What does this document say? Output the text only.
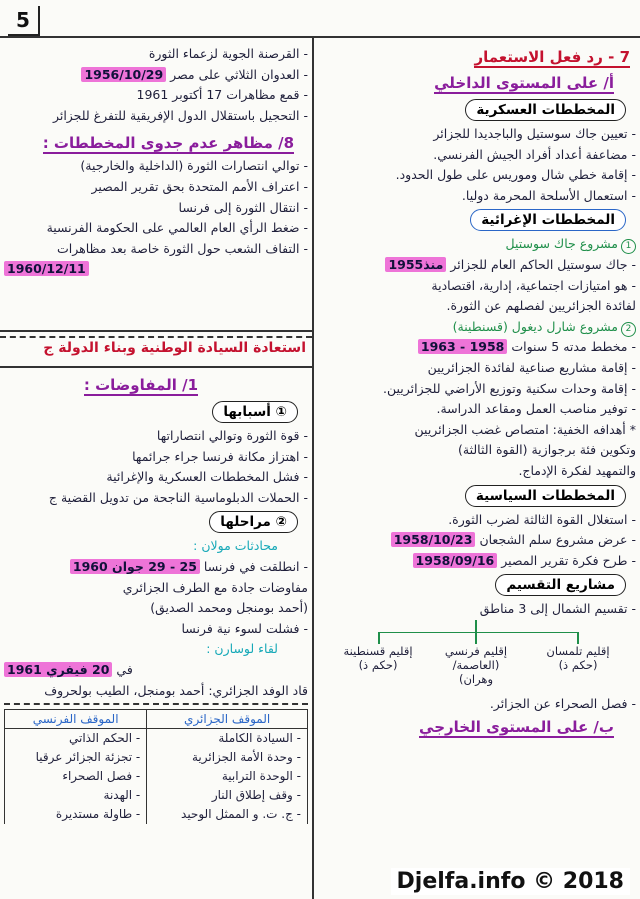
5
7 - رد فعل الاستعمار
أ/ على المستوى الداخلي
المخططات العسكرية
- تعيين جاك سوستيل والباجديدا للجزائر
- مضاعفة أعداد أفراد الجيش الفرنسي.
- إقامة خطي شال وموريس على طول الحدود.
- استعمال الأسلحة المحرمة دوليا.
المخططات الإغرائية
1مشروع جاك سوستيل
- جاك سوستيل الحاكم العام للجزائر منذ1955
- هو امتيازات اجتماعية، إدارية، اقتصادية
لفائدة الجزائريين لفصلهم عن الثورة.
2مشروع شارل ديغول (قسنطينة)
- مخطط مدته 5 سنوات 1958 - 1963
- إقامة مشاريع صناعية لفائدة الجزائريين
- إقامة وحدات سكنية وتوزيع الأراضي للجزائريين.
- توفير مناصب العمل ومقاعد الدراسة.
* أهدافه الخفية: امتصاص غضب الجزائريين
وتكوين فئة برجوازية (القوة الثالثة)
والتمهيد لفكرة الإدماج.
المخططات السياسية
- استغلال القوة الثالثة لضرب الثورة.
- عرض مشروع سلم الشجعان 1958/10/23
- طرح فكرة تقرير المصير 1958/09/16
مشاريع التقسيم
- تقسيم الشمال إلى 3 مناطق
إقليم تلمسان
(حكم ذ)
إقليم فرنسي
(العاصمة/وهران)
إقليم قسنطينة
(حكم ذ)
- فصل الصحراء عن الجزائر.
ب/ على المستوى الخارجي
- القرصنة الجوية لزعماء الثورة
- العدوان الثلاثي على مصر 1956/10/29
- قمع مظاهرات 17 أكتوبر 1961
- التحجيل باستقلال الدول الإفريقية للتفرغ للجزائر
8/ مظاهر عدم جدوى المخططات :
- توالي انتصارات الثورة (الداخلية والخارجية)
- اعتراف الأمم المتحدة بحق تقرير المصير
- انتقال الثورة إلى فرنسا
- ضغط الرأي العام العالمي على الحكومة الفرنسية
- التفاف الشعب حول الثورة خاصة بعد مظاهرات
1960/12/11
استعادة السيادة الوطنية وبناء الدولة ج
1/ المفاوضات :
① أسبابها
- قوة الثورة وتوالي انتصاراتها
- اهتزاز مكانة فرنسا جراء جرائمها
- فشل المخططات العسكرية والإغرائية
- الحملات الدبلوماسية الناجحة من تدويل القضية ج
② مراحلها
محادثات مولان :
- انطلقت في فرنسا 25 - 29 جوان 1960
مفاوضات جادة مع الطرف الجزائري
(أحمد بومنجل ومحمد الصديق)
- فشلت لسوء نية فرنسا
لقاء لوسارن :
في 20 فيفري 1961
قاد الوفد الجزائري: أحمد بومنجل، الطيب بولحروف
الموقف الجزائري	الموقف الفرنسي
- السيادة الكاملة	- الحكم الذاتي
- وحدة الأمة الجزائرية	- تجزئة الجزائر عرقيا
- الوحدة الترابية	- فصل الصحراء
- وقف إطلاق النار	- الهدنة
- ج. ت. و الممثل الوحيد	- طاولة مستديرة
Djelfa.info © 2018
